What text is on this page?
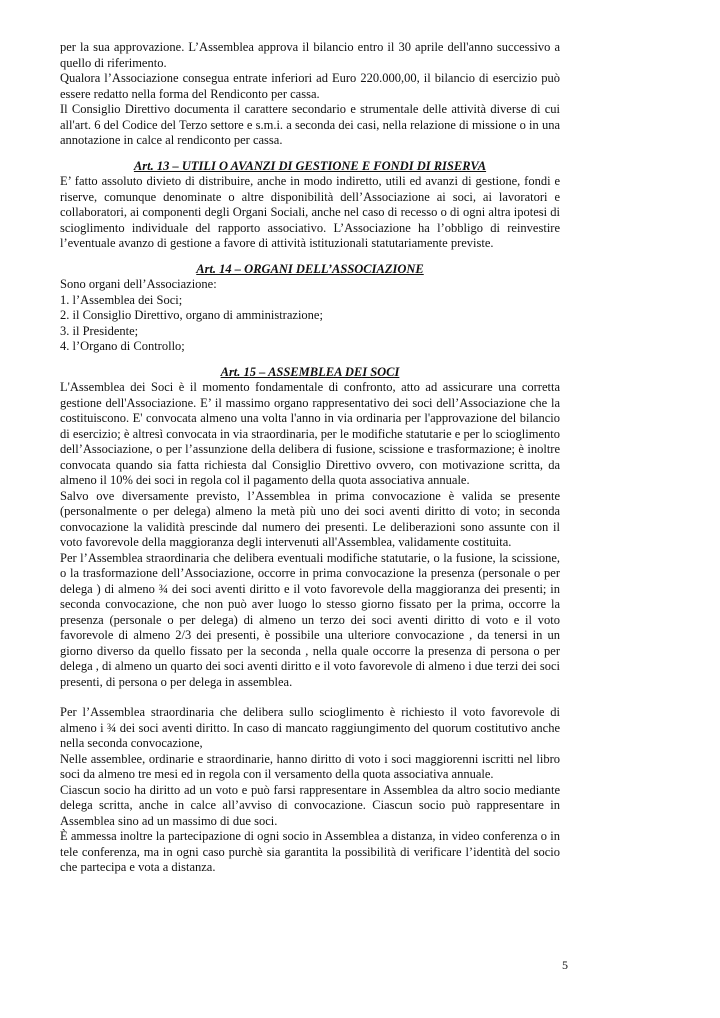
per la sua approvazione. L’Assemblea approva il bilancio entro il 30 aprile dell'anno successivo a quello di riferimento.

Qualora l’Associazione consegua entrate inferiori ad Euro 220.000,00, il bilancio di esercizio può essere redatto nella forma del Rendiconto per cassa.

Il Consiglio Direttivo documenta il carattere secondario e strumentale delle attività diverse di cui all'art. 6 del Codice del Terzo settore e s.m.i. a seconda dei casi, nella relazione di missione o in una annotazione in calce al rendiconto per cassa.

Art. 13 – UTILI O AVANZI DI GESTIONE E FONDI DI RISERVA

E’ fatto assoluto divieto di distribuire, anche in modo indiretto, utili ed avanzi di gestione, fondi e riserve, comunque denominate o altre disponibilità dell’Associazione ai soci, ai lavoratori e collaboratori, ai componenti degli Organi Sociali, anche nel caso di recesso o di ogni altra ipotesi di scioglimento individuale del rapporto associativo. L’Associazione ha l’obbligo di reinvestire l’eventuale avanzo di gestione a favore di attività istituzionali statutariamente previste.

Art. 14 – ORGANI DELL’ASSOCIAZIONE

Sono organi dell’Associazione:

1. l’Assemblea dei Soci;

2. il Consiglio Direttivo, organo di amministrazione;

3. il Presidente;

4. l’Organo di Controllo;

Art. 15 – ASSEMBLEA DEI SOCI

L'Assemblea dei Soci è il momento fondamentale di confronto, atto ad assicurare una corretta gestione dell'Associazione. E’ il massimo organo rappresentativo dei soci dell’Associazione che la costituiscono. E' convocata almeno una volta l'anno in via ordinaria per l'approvazione del bilancio di esercizio; è altresì convocata in via straordinaria, per le modifiche statutarie e per lo scioglimento dell’Associazione, o per l’assunzione della delibera di fusione, scissione e trasformazione; è inoltre convocata quando sia fatta richiesta dal Consiglio Direttivo ovvero, con motivazione scritta, da almeno il 10% dei soci in regola col il pagamento della quota associativa annuale.

Salvo ove diversamente previsto, l’Assemblea in prima convocazione è valida se presente (personalmente o per delega) almeno la metà più uno dei soci aventi diritto di voto; in seconda convocazione la validità prescinde dal numero dei presenti. Le deliberazioni sono assunte con il voto favorevole della maggioranza degli intervenuti all'Assemblea, validamente costituita.

Per l’Assemblea straordinaria che delibera eventuali modifiche statutarie, o la fusione, la scissione, o la trasformazione dell’Associazione, occorre in prima convocazione la presenza (personale o per delega ) di almeno ¾ dei soci aventi diritto e il voto favorevole della maggioranza dei presenti; in seconda convocazione, che non può aver luogo lo stesso giorno fissato per la prima, occorre la presenza (personale o per delega) di almeno un terzo dei soci aventi diritto di voto e il voto favorevole di almeno 2/3 dei presenti, è possibile una ulteriore convocazione , da tenersi in un giorno diverso da quello fissato per la seconda , nella quale occorre la presenza di persona o per delega , di almeno un quarto dei soci aventi diritto e il voto favorevole di almeno i due terzi dei soci presenti, di persona o per delega in assemblea.

Per l’Assemblea straordinaria che delibera sullo scioglimento è richiesto il voto favorevole di almeno i ¾ dei soci aventi diritto. In caso di mancato raggiungimento del quorum costitutivo anche nella seconda convocazione,

Nelle assemblee, ordinarie e straordinarie, hanno diritto di voto i soci maggiorenni iscritti nel libro soci da almeno tre mesi ed in regola con il versamento della quota associativa annuale.

Ciascun socio ha diritto ad un voto e può farsi rappresentare in Assemblea da altro socio mediante delega scritta, anche in calce all’avviso di convocazione. Ciascun socio può rappresentare in Assemblea sino ad un massimo di due soci.

È ammessa inoltre la partecipazione di ogni socio in Assemblea a distanza, in video conferenza o in tele conferenza, ma in ogni caso purchè sia garantita la possibilità di verificare l’identità del socio che partecipa e vota a distanza.

5
